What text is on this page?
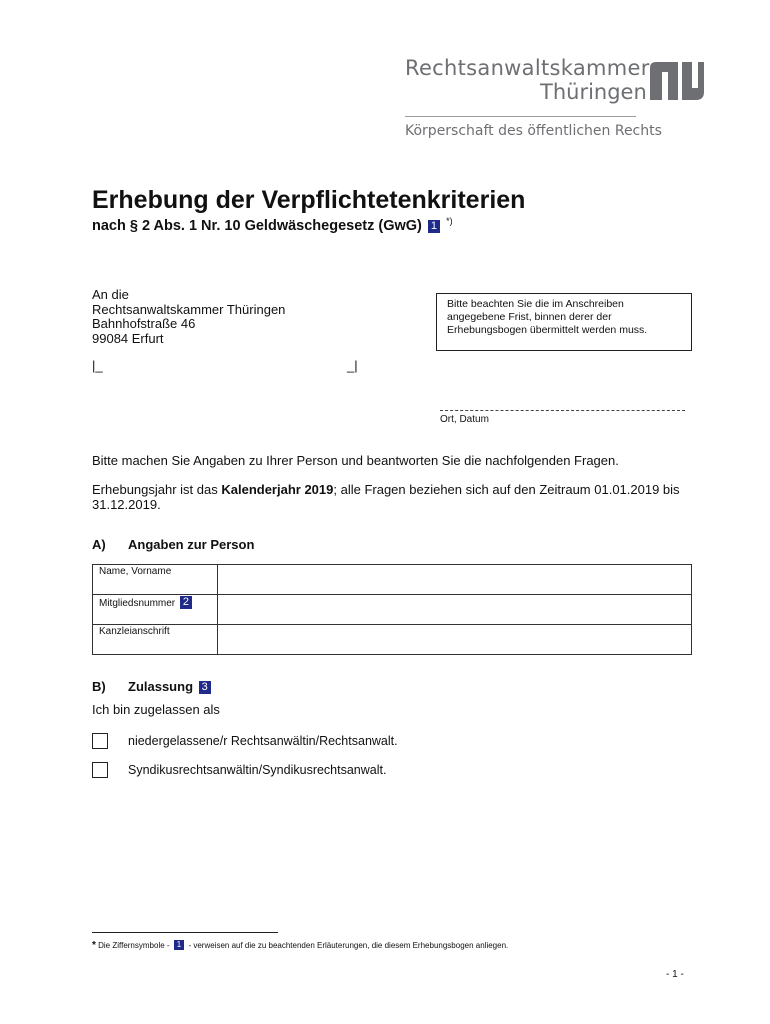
Rechtsanwaltskammer
Thüringen
Körperschaft des öffentlichen Rechts
Erhebung der Verpflichtetenkriterien
nach § 2 Abs. 1 Nr. 10 Geldwäschegesetz (GwG) 1 *)
An die
Rechtsanwaltskammer Thüringen
Bahnhofstraße 46
99084 Erfurt
Bitte beachten Sie die im Anschreiben angegebene Frist, binnen derer der Erhebungsbogen übermittelt werden muss.
|_	_|
Ort, Datum
Bitte machen Sie Angaben zu Ihrer Person und beantworten Sie die nachfolgenden Fragen.
Erhebungsjahr ist das Kalenderjahr 2019; alle Fragen beziehen sich auf den Zeitraum 01.01.2019 bis 31.12.2019.
A) Angaben zur Person
Name, Vorname	
Mitgliedsnummer 2	
Kanzleianschrift	
B) Zulassung 3
Ich bin zugelassen als
niedergelassene/r Rechtsanwältin/Rechtsanwalt.
Syndikusrechtsanwältin/Syndikusrechtsanwalt.
* Die Ziffernsymbole - 1 - verweisen auf die zu beachtenden Erläuterungen, die diesem Erhebungsbogen anliegen.
- 1 -
